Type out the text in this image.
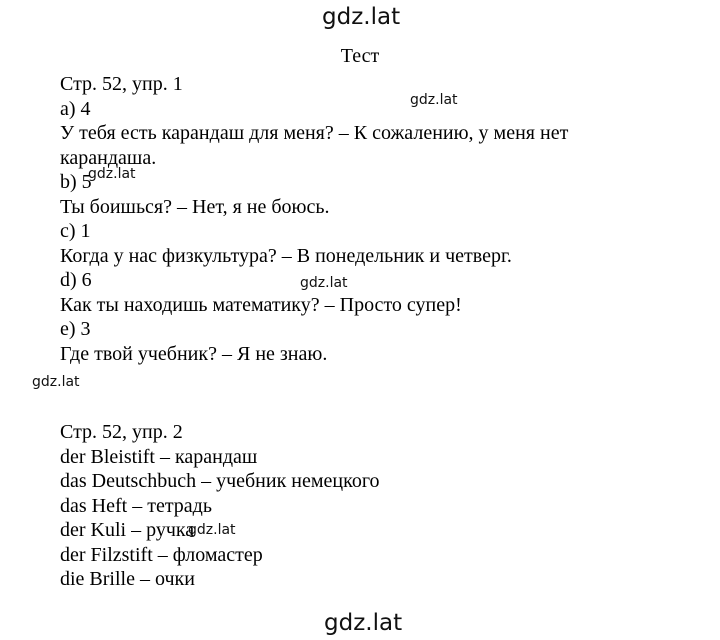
gdz.lat
gdz.lat
gdz.lat
gdz.lat
gdz.lat
gdz.lat
gdz.lat
Тест
Стр. 52, упр. 1
а) 4
У тебя есть карандаш для меня? – К сожалению, у меня нет
карандаша.
b) 5
Ты боишься? – Нет, я не боюсь.
c) 1
Когда у нас физкультура? – В понедельник и четверг.
d) 6
Как ты находишь математику? – Просто супер!
e) 3
Где твой учебник? – Я не знаю.
Стр. 52, упр. 2
der Bleistift – карандаш
das Deutschbuch – учебник немецкого
das Heft – тетрадь
der Kuli – ручка
der Filzstift – фломастер
die Brille – очки
